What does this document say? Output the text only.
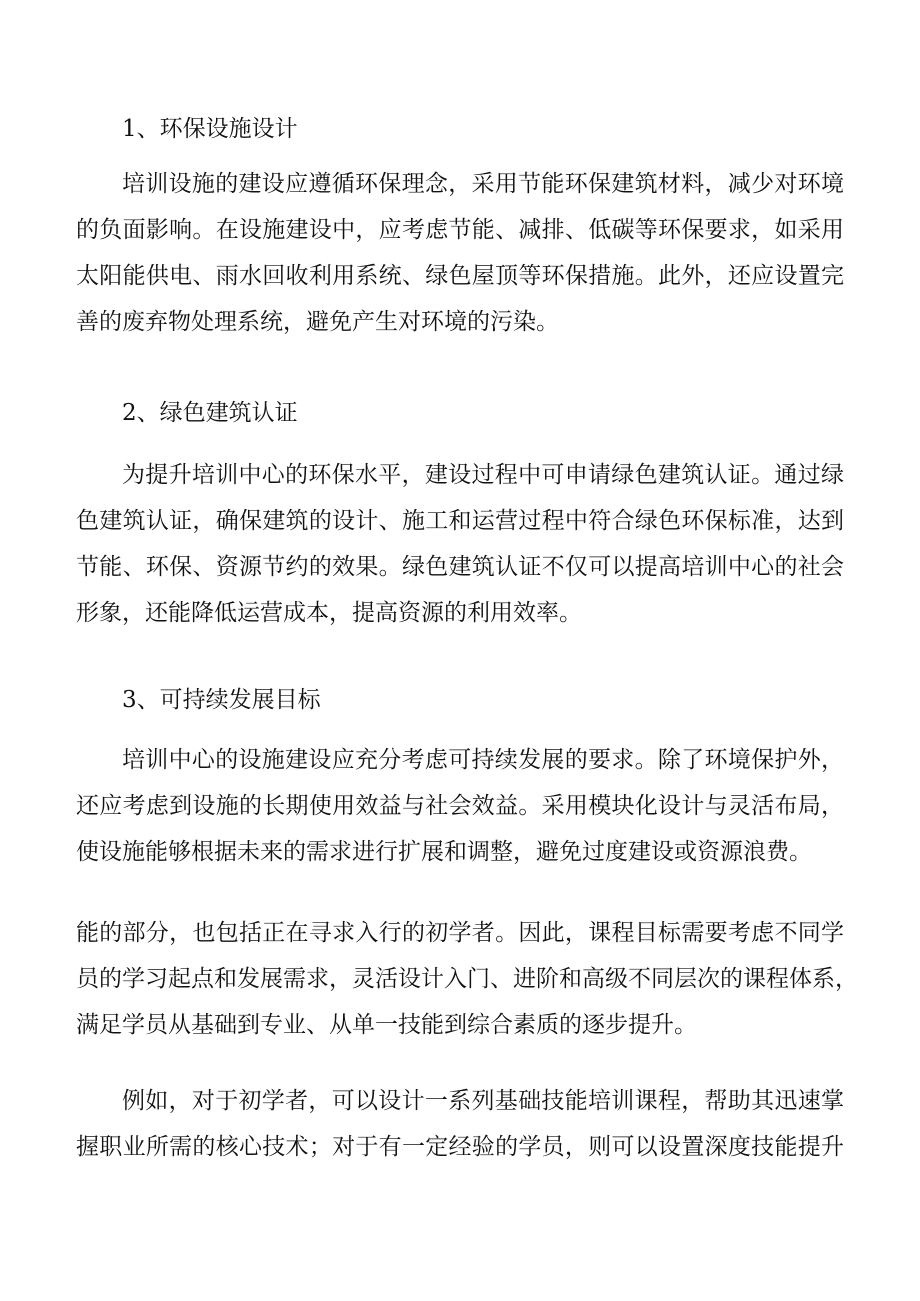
1、环保设施设计
培训设施的建设应遵循环保理念，采用节能环保建筑材料，减少对环境
的负面影响。在设施建设中，应考虑节能、减排、低碳等环保要求，如采用
太阳能供电、雨水回收利用系统、绿色屋顶等环保措施。此外，还应设置完
善的废弃物处理系统，避免产生对环境的污染。
2、绿色建筑认证
为提升培训中心的环保水平，建设过程中可申请绿色建筑认证。通过绿
色建筑认证，确保建筑的设计、施工和运营过程中符合绿色环保标准，达到
节能、环保、资源节约的效果。绿色建筑认证不仅可以提高培训中心的社会
形象，还能降低运营成本，提高资源的利用效率。
3、可持续发展目标
培训中心的设施建设应充分考虑可持续发展的要求。除了环境保护外，
还应考虑到设施的长期使用效益与社会效益。采用模块化设计与灵活布局，
使设施能够根据未来的需求进行扩展和调整，避免过度建设或资源浪费。
能的部分，也包括正在寻求入行的初学者。因此，课程目标需要考虑不同学
员的学习起点和发展需求，灵活设计入门、进阶和高级不同层次的课程体系，
满足学员从基础到专业、从单一技能到综合素质的逐步提升。
例如，对于初学者，可以设计一系列基础技能培训课程，帮助其迅速掌
握职业所需的核心技术；对于有一定经验的学员，则可以设置深度技能提升
